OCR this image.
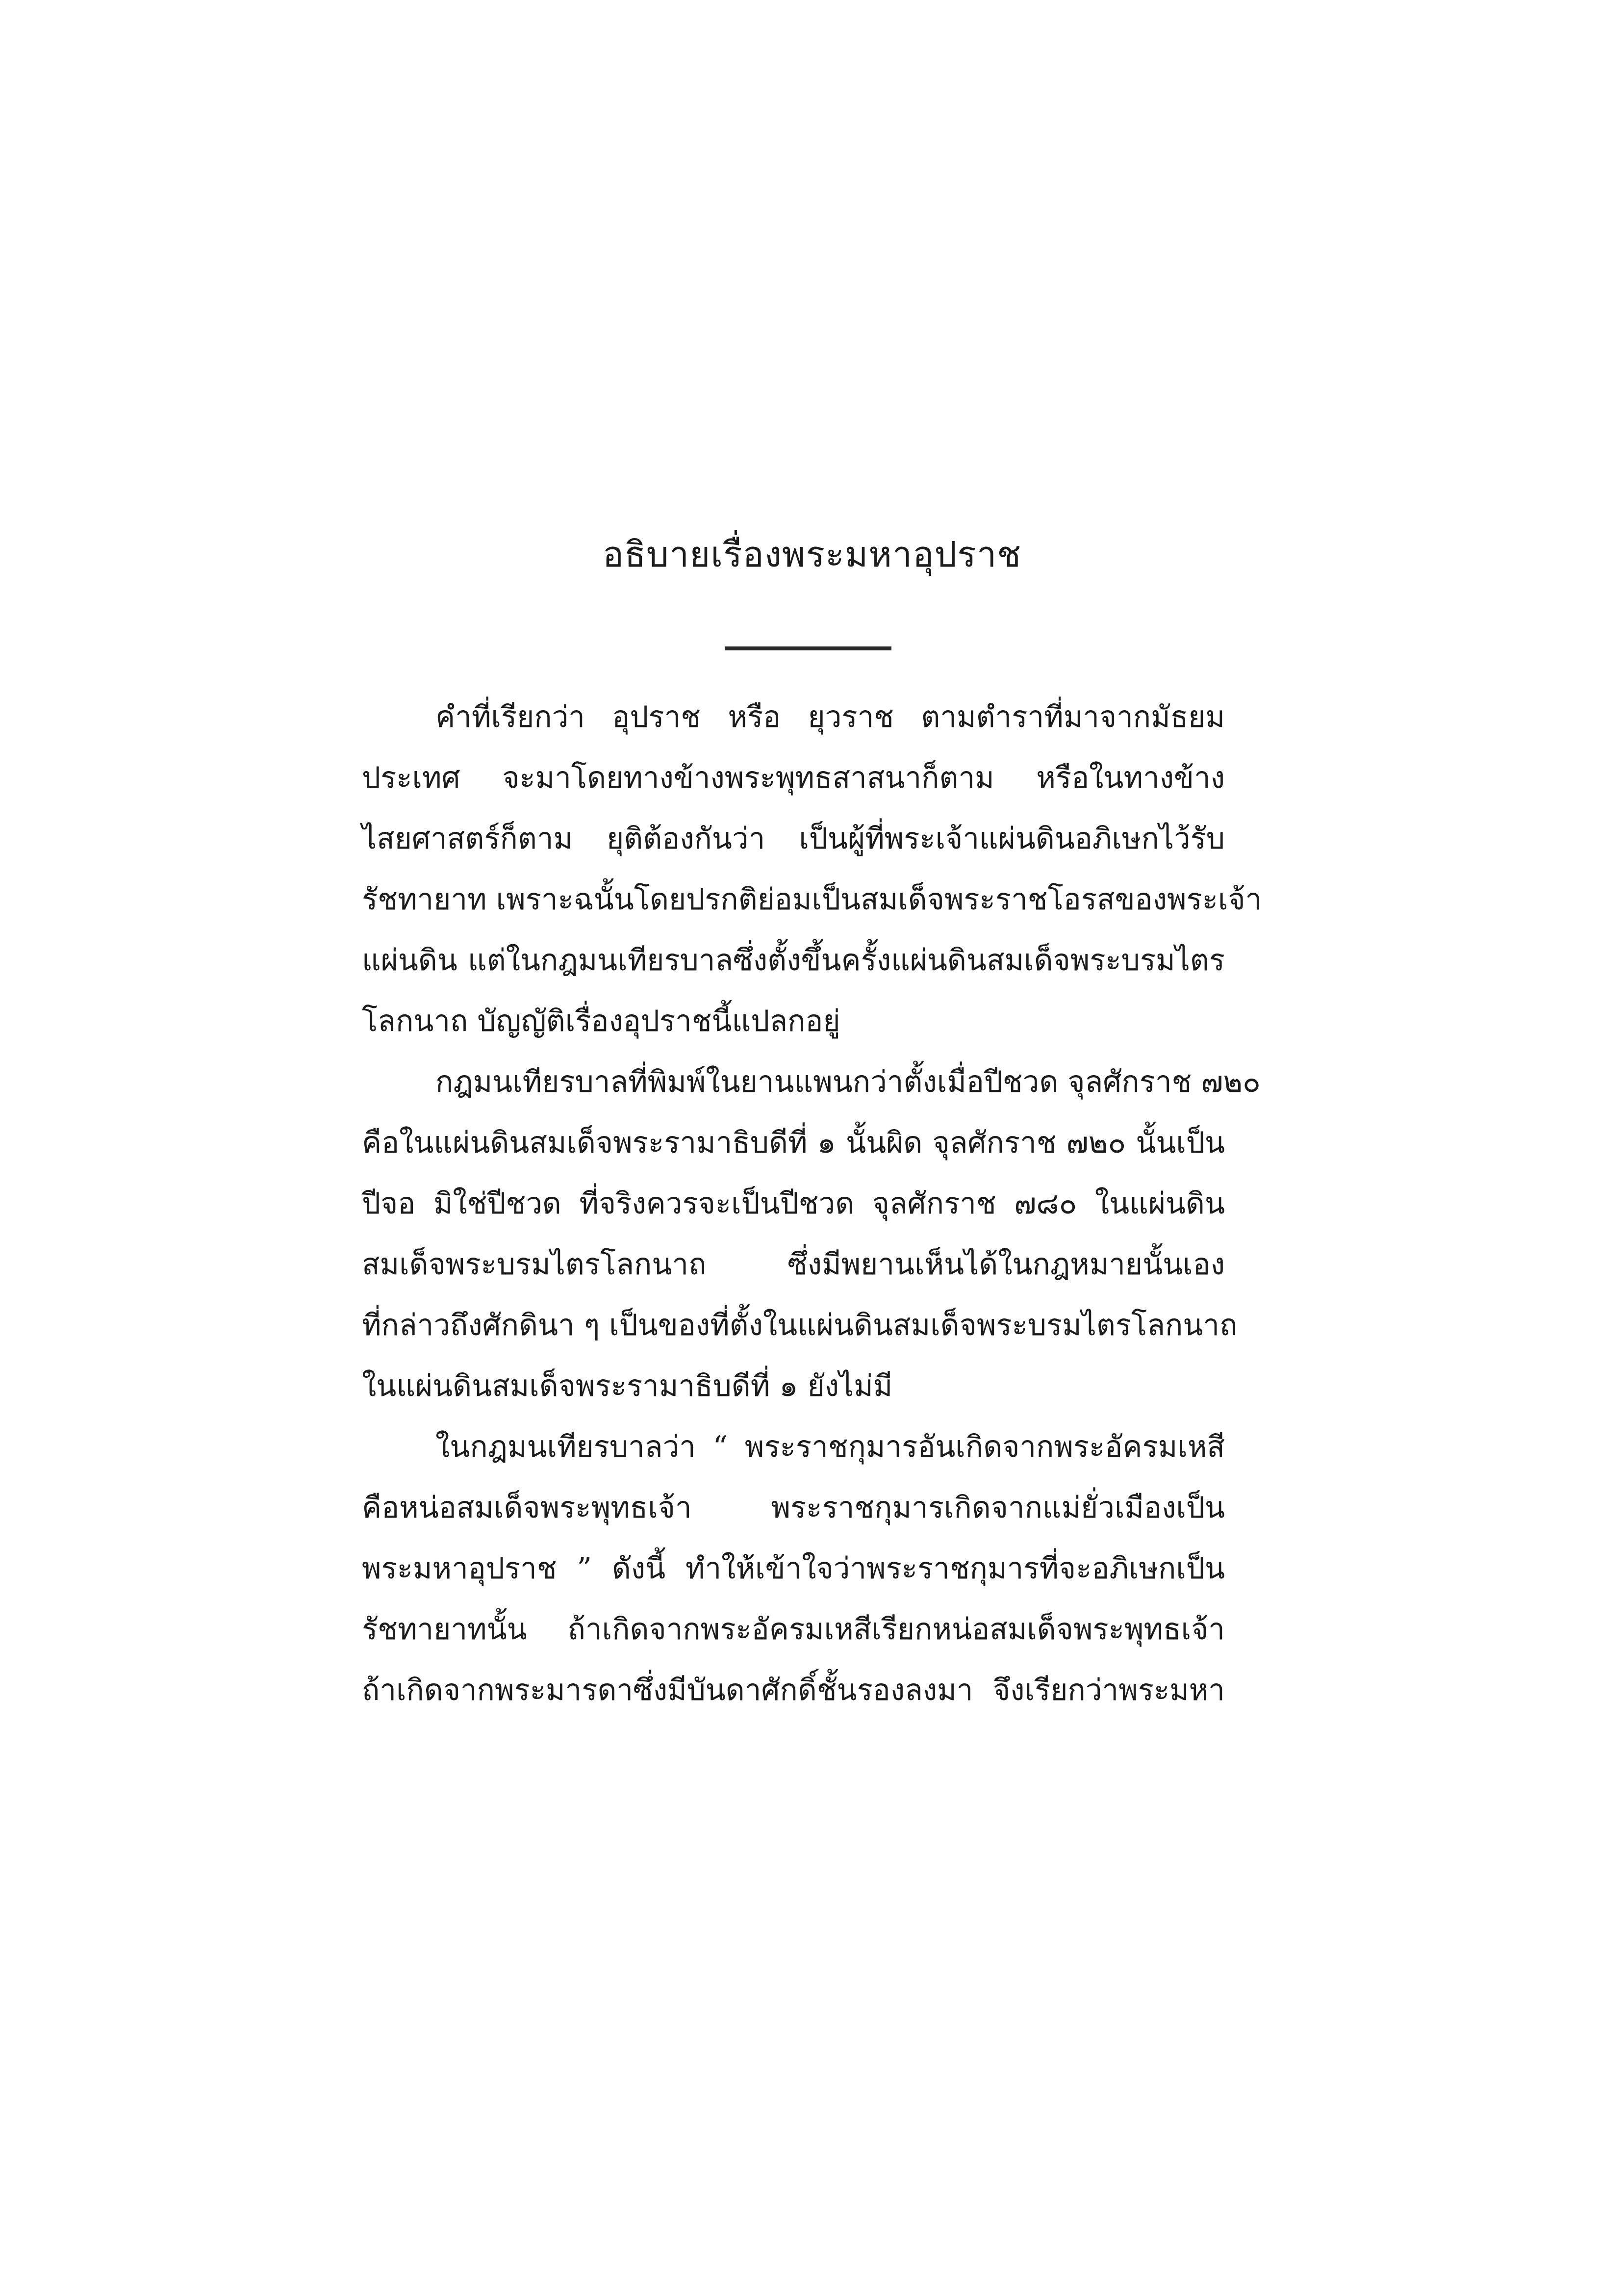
อธิบายเรื่องพระมหาอุปราช
คำที่เรียกว่า อุปราช หรือ ยุวราช ตามตำราที่มาจากมัธยม
ประเทศ จะมาโดยทางข้างพระพุทธสาสนาก็ตาม หรือในทางข้าง
ไสยศาสตร์ก็ตาม ยุติต้องกันว่า เป็นผู้ที่พระเจ้าแผ่นดินอภิเษกไว้รับ
รัชทายาท เพราะฉนั้นโดยปรกติย่อมเป็นสมเด็จพระราชโอรสของพระเจ้า
แผ่นดิน แต่ในกฎมนเทียรบาลซึ่งตั้งขึ้นครั้งแผ่นดินสมเด็จพระบรมไตร
โลกนาถ บัญญัติเรื่องอุปราชนี้แปลกอยู่
กฎมนเทียรบาลที่พิมพ์ในยานแพนกว่าตั้งเมื่อปีชวด จุลศักราช ๗๒๐
คือในแผ่นดินสมเด็จพระรามาธิบดีที่ ๑ นั้นผิด จุลศักราช ๗๒๐ นั้นเป็น
ปีจอ มิใช่ปีชวด ที่จริงควรจะเป็นปีชวด จุลศักราช ๗๘๐ ในแผ่นดิน
สมเด็จพระบรมไตรโลกนาถ ซึ่งมีพยานเห็นได้ในกฎหมายนั้นเอง
ที่กล่าวถึงศักดินา ๆ เป็นของที่ตั้งในแผ่นดินสมเด็จพระบรมไตรโลกนาถ
ในแผ่นดินสมเด็จพระรามาธิบดีที่ ๑ ยังไม่มี
ในกฎมนเทียรบาลว่า “ พระราชกุมารอันเกิดจากพระอัครมเหสี
คือหน่อสมเด็จพระพุทธเจ้า พระราชกุมารเกิดจากแม่ยั่วเมืองเป็น
พระมหาอุปราช ” ดังนี้ ทำให้เข้าใจว่าพระราชกุมารที่จะอภิเษกเป็น
รัชทายาทนั้น ถ้าเกิดจากพระอัครมเหสีเรียกหน่อสมเด็จพระพุทธเจ้า
ถ้าเกิดจากพระมารดาซึ่งมีบันดาศักดิ์ชั้นรองลงมา จึงเรียกว่าพระมหา
